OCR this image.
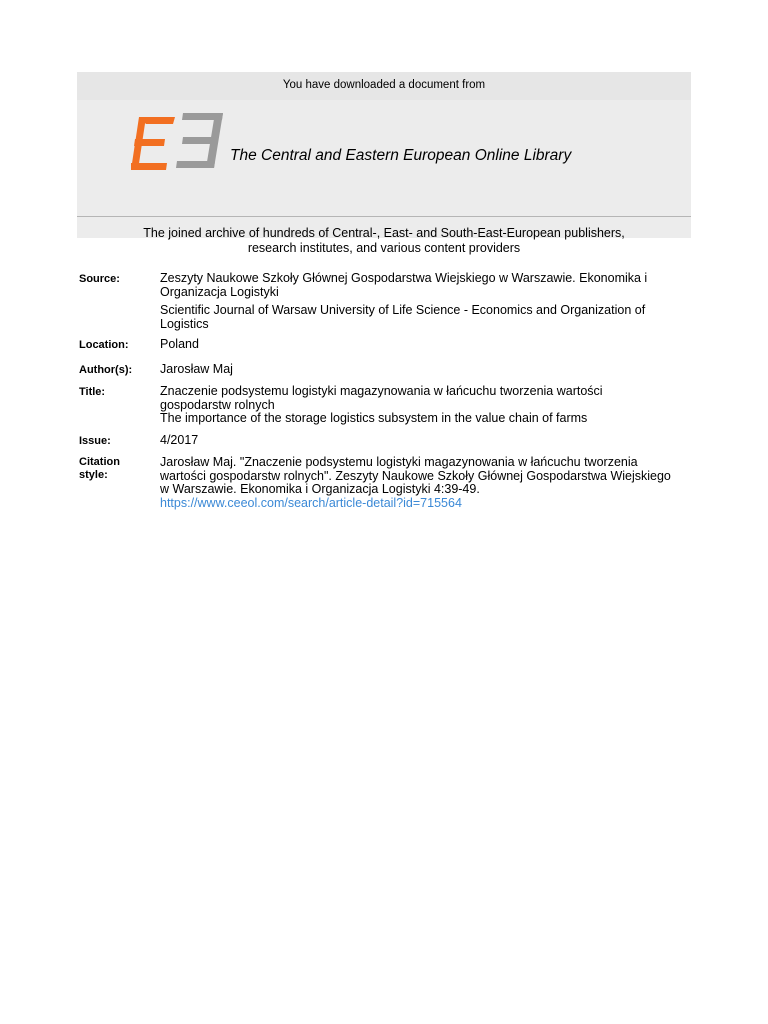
You have downloaded a document from
The Central and Eastern European Online Library
The joined archive of hundreds of Central-, East- and South-East-European publishers,
research institutes, and various content providers
Source:	Zeszyty Naukowe Szkoły Głównej Gospodarstwa Wiejskiego w Warszawie. Ekonomika i

Organizacja Logistyki

Scientific Journal of Warsaw University of Life Science - Economics and Organization of

Logistics

Location:	Poland
Author(s):	Jarosław Maj
Title:	Znaczenie podsystemu logistyki magazynowania w łańcuchu tworzenia wartości

gospodarstw rolnych

The importance of the storage logistics subsystem in the value chain of farms

Issue:	4/2017
Citation
style:

Jarosław Maj. "Znaczenie podsystemu logistyki magazynowania w łańcuchu tworzenia

wartości gospodarstw rolnych". Zeszyty Naukowe Szkoły Głównej Gospodarstwa Wiejskiego

w Warszawie. Ekonomika i Organizacja Logistyki 4:39-49.

https://www.ceeol.com/search/article-detail?id=715564
